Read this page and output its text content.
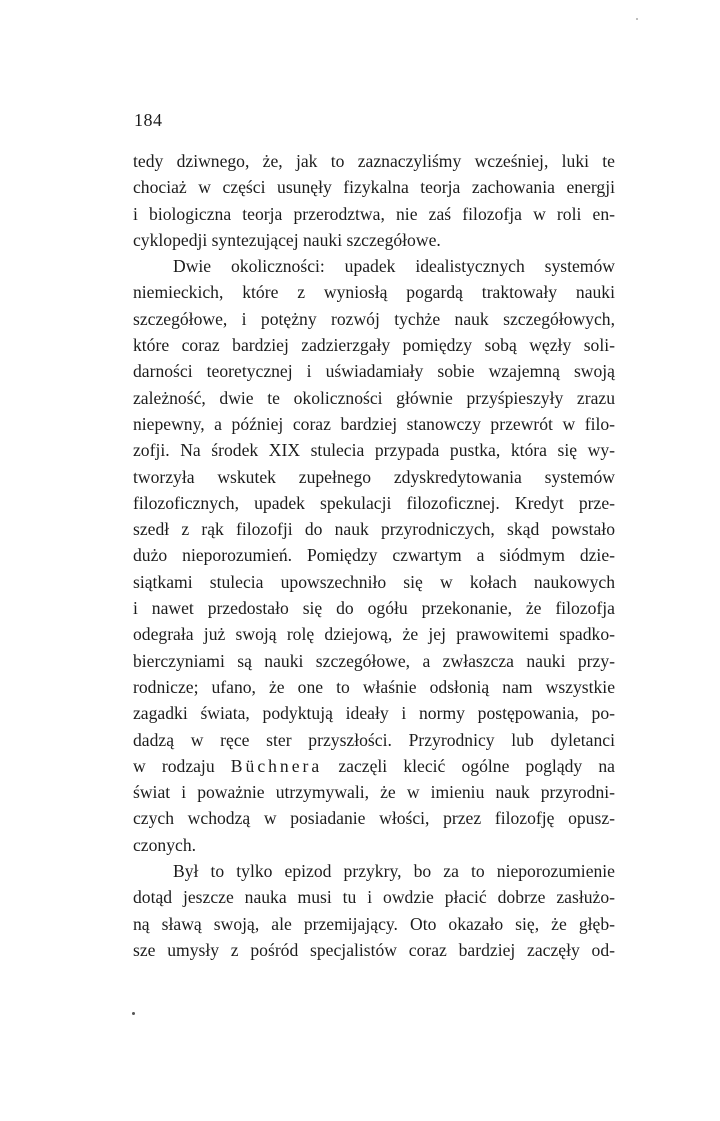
184
tedy dziwnego, że, jak to zaznaczyliśmy wcześniej, luki te
chociaż w części usunęły fizykalna teorja zachowania energji
i biologiczna teorja przerodztwa, nie zaś filozofja w roli en-
cyklopedji syntezującej nauki szczegółowe.
Dwie okoliczności: upadek idealistycznych systemów
niemieckich, które z wyniosłą pogardą traktowały nauki
szczegółowe, i potężny rozwój tychże nauk szczegółowych,
które coraz bardziej zadzierzgały pomiędzy sobą węzły soli-
darności teoretycznej i uświadamiały sobie wzajemną swoją
zależność, dwie te okoliczności głównie przyśpieszyły zrazu
niepewny, a później coraz bardziej stanowczy przewrót w filo-
zofji. Na środek XIX stulecia przypada pustka, która się wy-
tworzyła wskutek zupełnego zdyskredytowania systemów
filozoficznych, upadek spekulacji filozoficznej. Kredyt prze-
szedł z rąk filozofji do nauk przyrodniczych, skąd powstało
dużo nieporozumień. Pomiędzy czwartym a siódmym dzie-
siątkami stulecia upowszechniło się w kołach naukowych
i nawet przedostało się do ogółu przekonanie, że filozofja
odegrała już swoją rolę dziejową, że jej prawowitemi spadko-
bierczyniami są nauki szczegółowe, a zwłaszcza nauki przy-
rodnicze; ufano, że one to właśnie odsłonią nam wszystkie
zagadki świata, podyktują ideały i normy postępowania, po-
dadzą w ręce ster przyszłości. Przyrodnicy lub dyletanci
w rodzaju Büchnera zaczęli klecić ogólne poglądy na
świat i poważnie utrzymywali, że w imieniu nauk przyrodni-
czych wchodzą w posiadanie włości, przez filozofję opusz-
czonych.
Był to tylko epizod przykry, bo za to nieporozumienie
dotąd jeszcze nauka musi tu i owdzie płacić dobrze zasłużo-
ną sławą swoją, ale przemijający. Oto okazało się, że głęb-
sze umysły z pośród specjalistów coraz bardziej zaczęły od-
